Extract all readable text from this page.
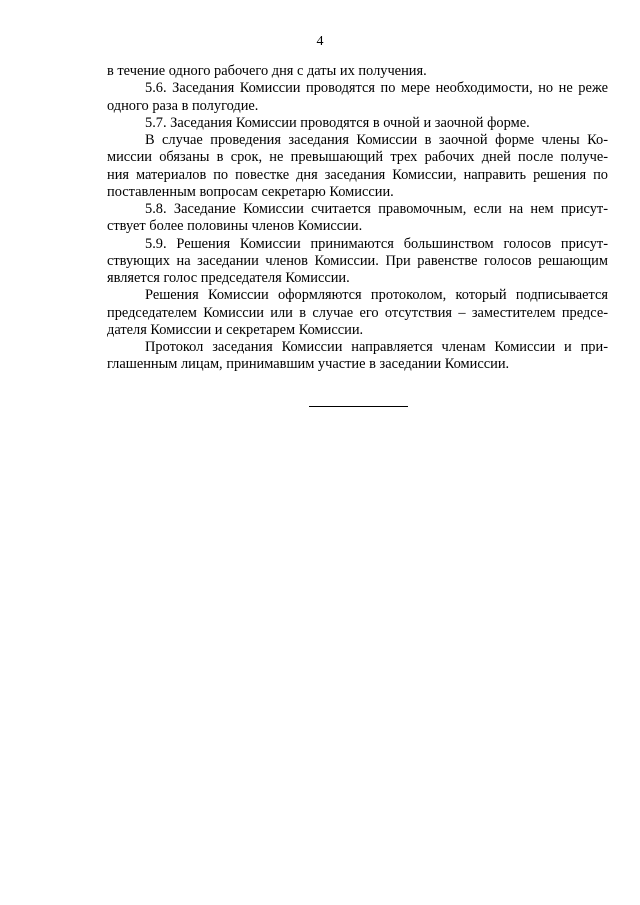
4

в течение одного рабочего дня с даты их получения.

5.6. Заседания Комиссии проводятся по мере необходимости, но не реже
одного раза в полугодие.

5.7. Заседания Комиссии проводятся в очной и заочной форме.

В случае проведения заседания Комиссии в заочной форме члены Ко-
миссии обязаны в срок, не превышающий трех рабочих дней после получе-
ния материалов по повестке дня заседания Комиссии, направить решения по
поставленным вопросам секретарю Комиссии.

5.8. Заседание Комиссии считается правомочным, если на нем присут-
ствует более половины членов Комиссии.

5.9. Решения Комиссии принимаются большинством голосов присут-
ствующих на заседании членов Комиссии. При равенстве голосов решающим
является голос председателя Комиссии.

Решения Комиссии оформляются протоколом, который подписывается
председателем Комиссии или в случае его отсутствия – заместителем предсе-
дателя Комиссии и секретарем Комиссии.

Протокол заседания Комиссии направляется членам Комиссии и при-
глашенным лицам, принимавшим участие в заседании Комиссии.
